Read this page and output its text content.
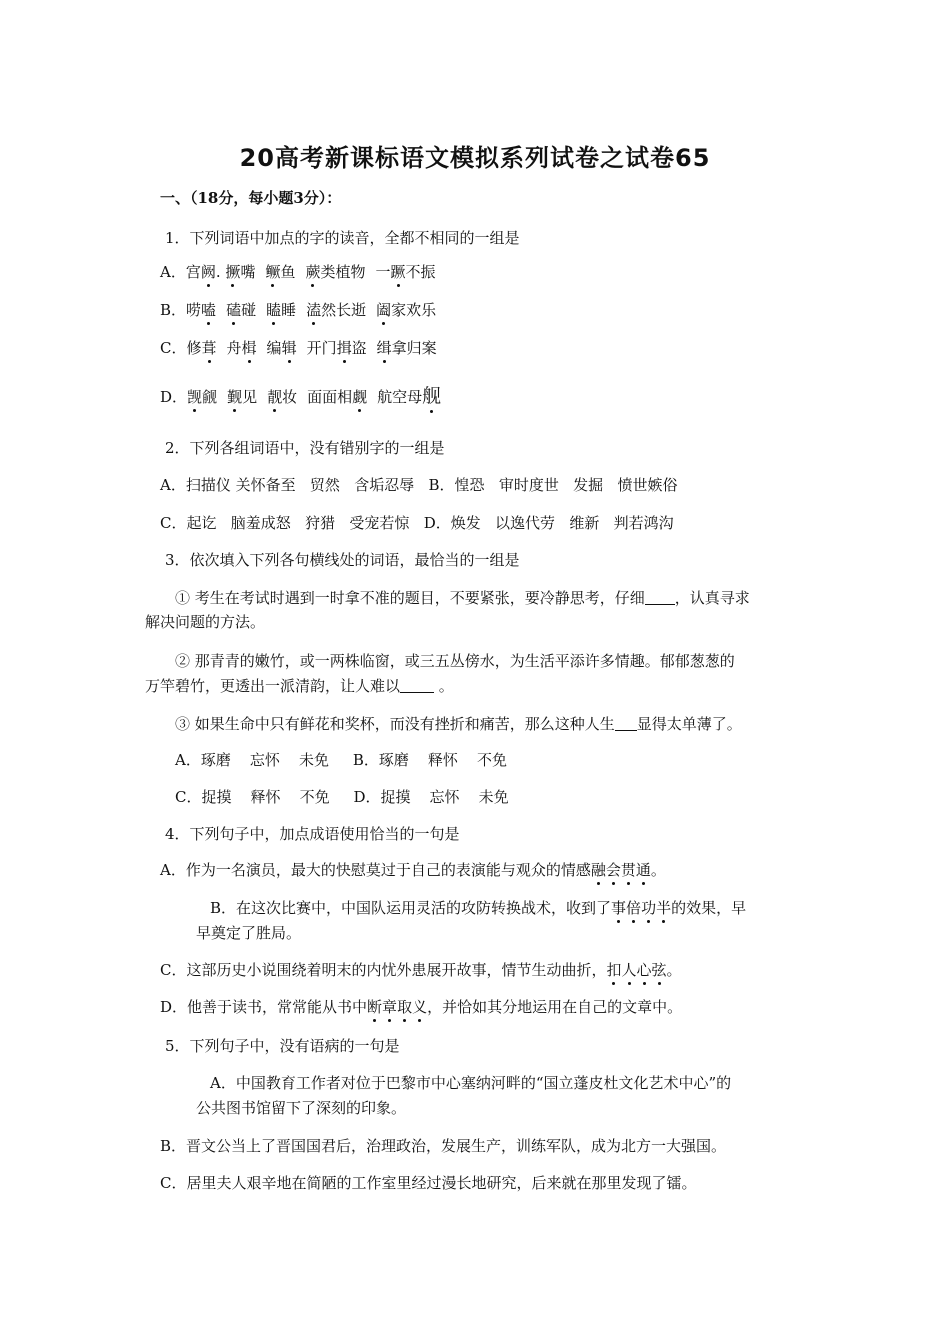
20高考新课标语文模拟系列试卷之试卷65
一、（18分，每小题3分）：
1．下列词语中加点的字的读音，全都不相同的一组是
A．宫阙. 撅嘴 鳜鱼 蕨类植物 一蹶不振
B．唠嗑 磕碰 瞌睡 溘然长逝 阖家欢乐
C．修葺 舟楫 编辑 开门揖盗 缉拿归案
D．觊觎 觐见 靓妆 面面相觑 航空母舰
2．下列各组词语中，没有错别字的一组是
A．扫描仪 关怀备至   贸然   含垢忍辱   B．惶恐   审时度世   发掘   愤世嫉俗
C．起讫   脑羞成怒   狩猎   受宠若惊   D．焕发   以逸代劳   维新   判若鸿沟
3．依次填入下列各句横线处的词语，最恰当的一组是
① 考生在考试时遇到一时拿不准的题目，不要紧张，要冷静思考，仔细 ，认真寻求
解决问题的方法。
② 那青青的嫩竹，或一两株临窗，或三五丛傍水，为生活平添许多情趣。郁郁葱葱的
万竿碧竹，更透出一派清韵，让人难以 。
③ 如果生命中只有鲜花和奖杯，而没有挫折和痛苦，那么这种人生 显得太单薄了。
A．琢磨    忘怀    未免     B．琢磨    释怀    不免
C．捉摸    释怀    不免     D．捉摸    忘怀    未免
4．下列句子中，加点成语使用恰当的一句是
A．作为一名演员，最大的快慰莫过于自己的表演能与观众的情感融会贯通。
B．在这次比赛中，中国队运用灵活的攻防转换战术，收到了事倍功半的效果，早
早奠定了胜局。
C．这部历史小说围绕着明末的内忧外患展开故事，情节生动曲折，扣人心弦。
D．他善于读书，常常能从书中断章取义，并恰如其分地运用在自己的文章中。
5．下列句子中，没有语病的一句是
A．中国教育工作者对位于巴黎市中心塞纳河畔的“国立蓬皮杜文化艺术中心”的
公共图书馆留下了深刻的印象。
B．晋文公当上了晋国国君后，治理政治，发展生产，训练军队，成为北方一大强国。
C．居里夫人艰辛地在简陋的工作室里经过漫长地研究，后来就在那里发现了镭。
